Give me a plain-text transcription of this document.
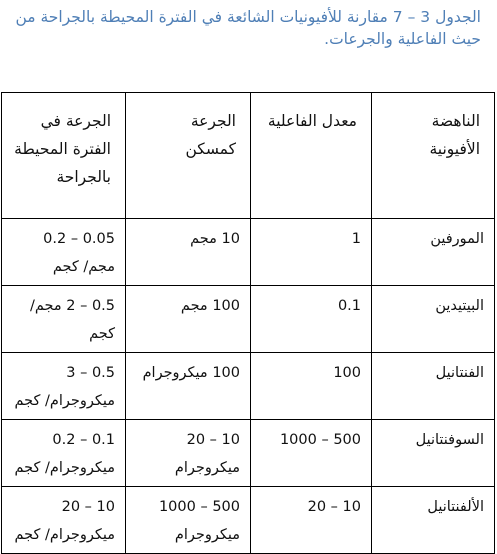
الجدول 3 – 7 مقارنة للأفيونيات الشائعة في الفترة المحيطة بالجراحة من حيث الفاعلية والجرعات.
الناهضة الأفيونية	معدل الفاعلية	الجرعة كمسكن	الجرعة في الفترة المحيطة بالجراحة
المورفين	1	10 مجم	0.05 – 0.2 مجم/ كجم
البيتيدين	0.1	100 مجم	0.5 – 2 مجم/ كجم
الفنتانيل	100	100 ميكروجرام	0.5 – 3 ميكروجرام/ كجم
السوفنتانيل	500 – 1000	10 – 20 ميكروجرام	0.1 – 0.2 ميكروجرام/ كجم
الألفنتانيل	10 – 20	500 – 1000 ميكروجرام	10 – 20 ميكروجرام/ كجم
